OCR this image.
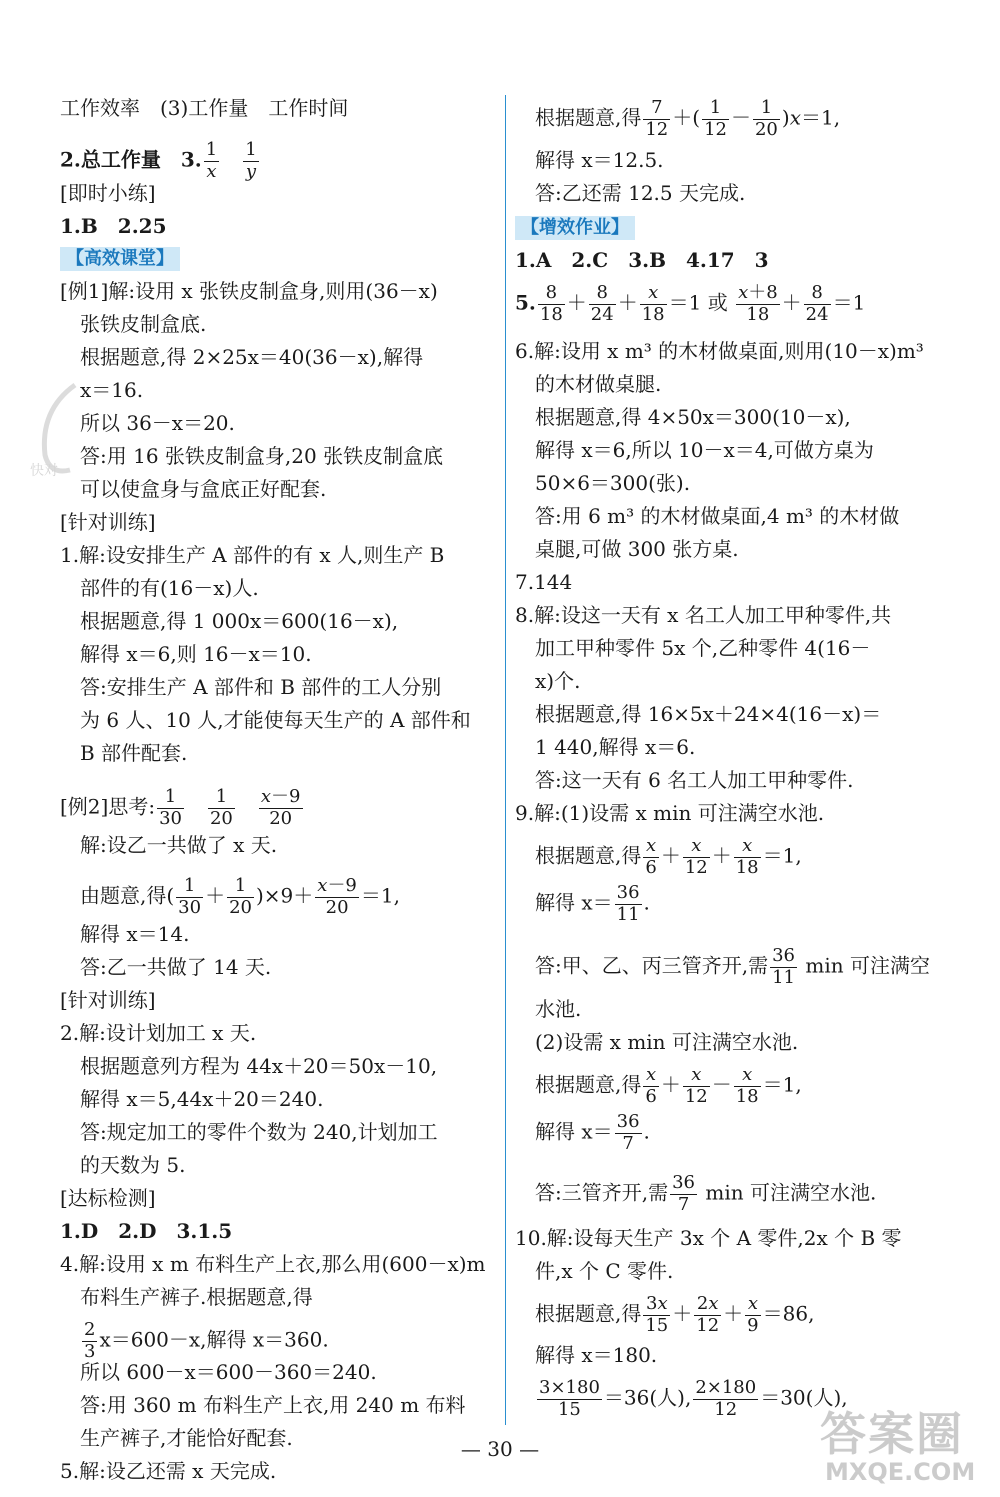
工作效率　(3)工作量　工作时间
2.总工作量　3. $\frac{1}{x}$
　 $\frac{1}{y}$
[即时小练]
1.B　2.25
【高效课堂】
[例1]解:设用 x 张铁皮制盒身,则用(36－x)
张铁皮制盒底.
根据题意,得 2×25x＝40(36－x),解得
x＝16.
所以 36－x＝20.
答:用 16 张铁皮制盒身,20 张铁皮制盒底
可以使盒身与盒底正好配套.
[针对训练]
1.解:设安排生产 A 部件的有 x 人,则生产 B
部件的有(16－x)人.
根据题意,得 1 000x＝600(16－x),
解得 x＝6,则 16－x＝10.
答:安排生产 A 部件和 B 部件的工人分别
为 6 人、10 人,才能使每天生产的 A 部件和
B 部件配套.
[例2]思考: $\frac{1}{30}$
　 $\frac{1}{20}$
　 $\frac{x-9}{20}$
解:设乙一共做了 x 天.
由题意,得( $\frac{1}{30} + \frac{1}{20} )\times 9+ \frac{x-9}{20} =1$,
解得 x＝14.
答:乙一共做了 14 天.
[针对训练]
2.解:设计划加工 x 天.
根据题意列方程为 44x＋20＝50x－10,
解得 x＝5,44x＋20＝240.
答:规定加工的零件个数为 240,计划加工
的天数为 5.
[达标检测]
1.D　2.D　3.1.5
4.解:设用 x m 布料生产上衣,那么用(600－x)m
布料生产裤子.根据题意,得
$\frac{2}{3} x=600-x$,解得 x＝360.
所以 600－x＝600－360＝240.
答:用 360 m 布料生产上衣,用 240 m 布料
生产裤子,才能恰好配套.
5.解:设乙还需 x 天完成.
根据题意,得 $\frac{7}{12}$ ＋( $\frac{1}{12} - \frac{1}{20} )x=1$,
解得 x＝12.5.
答:乙还需 12.5 天完成.
【增效作业】
1.A　2.C　3.B　4.17　3
5. $\frac{8}{18} + \frac{8}{24} + \frac{x}{18} =1$ 或 $\frac{x+8}{18} + \frac{8}{24} =1$
6.解:设用 x m³ 的木材做桌面,则用(10－x)m³
的木材做桌腿.
根据题意,得 4×50x＝300(10－x),
解得 x＝6,所以 10－x＝4,可做方桌为
50×6＝300(张).
答:用 6 m³ 的木材做桌面,4 m³ 的木材做
桌腿,可做 300 张方桌.
7.144
8.解:设这一天有 x 名工人加工甲种零件,共
加工甲种零件 5x 个,乙种零件 4(16－
x)个.
根据题意,得 16×5x＋24×4(16－x)＝
1 440,解得 x＝6.
答:这一天有 6 名工人加工甲种零件.
9.解:(1)设需 x min 可注满空水池.
根据题意,得 $\frac{x}{6} + \frac{x}{12} + \frac{x}{18} =1$,
解得 $x= \frac{36}{11}$ .
答:甲、乙、丙三管齐开,需 $\frac{36}{11}$ min 可注满空
水池.
(2)设需 x min 可注满空水池.
根据题意,得 $\frac{x}{6} + \frac{x}{12} - \frac{x}{18} =1$,
解得 $x= \frac{36}{7}$ .
答:三管齐开,需 $\frac{36}{7}$ min 可注满空水池.
10.解:设每天生产 3x 个 A 零件,2x 个 B 零
件,x 个 C 零件.
根据题意,得 $\frac{3x}{15} + \frac{2x}{12} + \frac{x}{9} =86$,
解得 x＝180.
$\frac{3\times 180}{15} =36$(人), $\frac{2\times 180}{12} =30$(人),
— 30 —	答案圈
MXQE.COM
快对
